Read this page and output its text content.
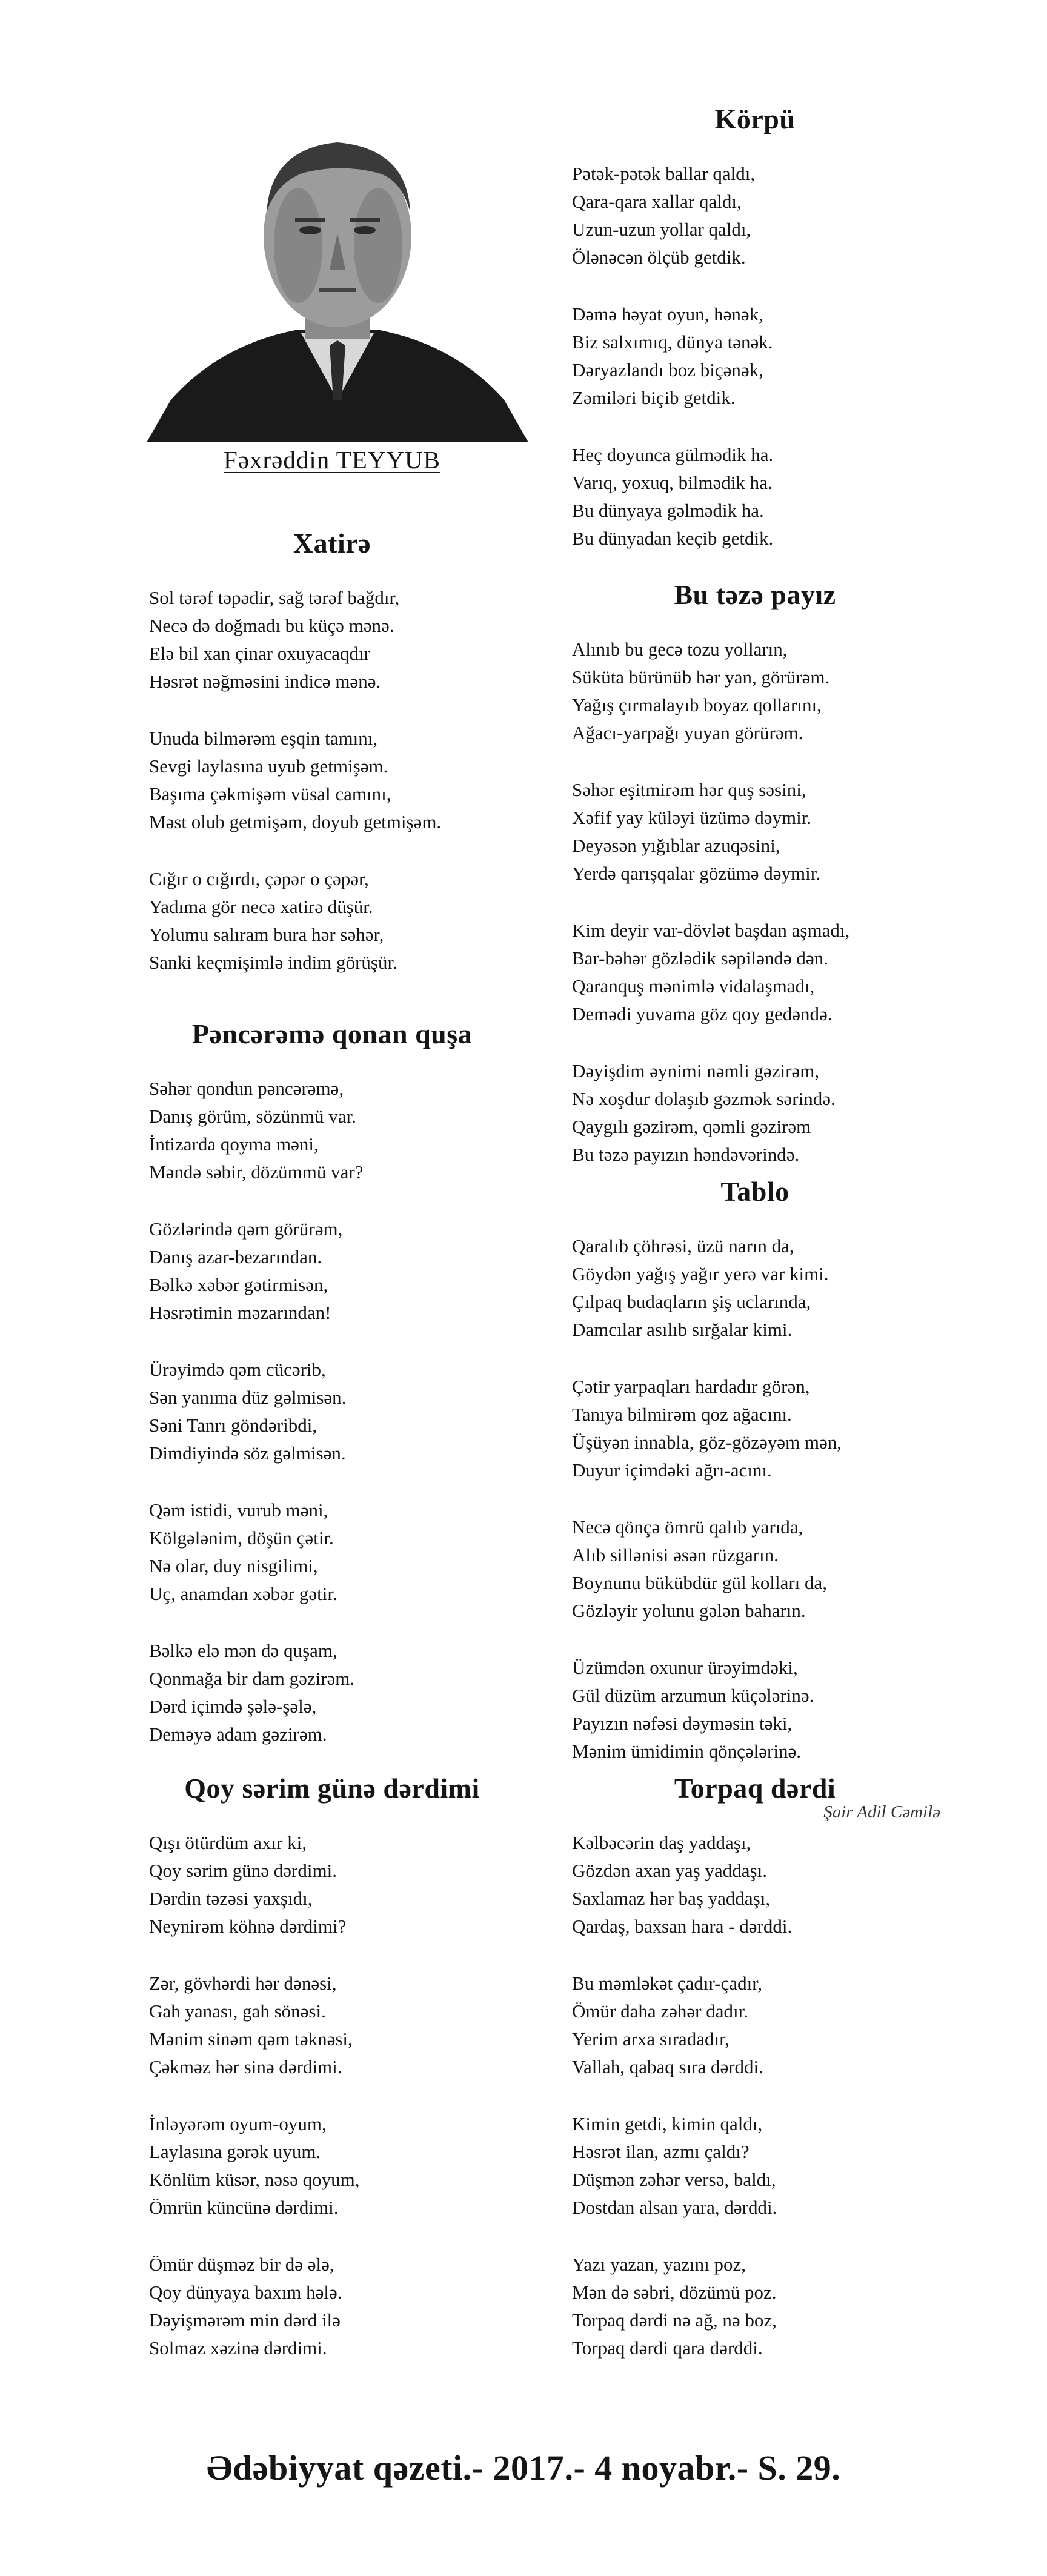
Fəxrəddin TEYYUB
Xatirə
Sol tərəf təpədir, sağ tərəf bağdır,
Necə də doğmadı bu küçə mənə.
Elə bil xan çinar oxuyacaqdır
Həsrət nəğməsini indicə mənə.
Unuda bilmərəm eşqin tamını,
Sevgi laylasına uyub getmişəm.
Başıma çəkmişəm vüsal camını,
Məst olub getmişəm, doyub getmişəm.
Cığır o cığırdı, çəpər o çəpər,
Yadıma gör necə xatirə düşür.
Yolumu salıram bura hər səhər,
Sanki keçmişimlə indim görüşür.
Pəncərəmə qonan quşa
Səhər qondun pəncərəmə,
Danış görüm, sözünmü var.
İntizarda qoyma məni,
Məndə səbir, dözümmü var?
Gözlərində qəm görürəm,
Danış azar-bezarından.
Bəlkə xəbər gətirmisən,
Həsrətimin məzarından!
Ürəyimdə qəm cücərib,
Sən yanıma düz gəlmisən.
Səni Tanrı göndəribdi,
Dimdiyində söz gəlmisən.
Qəm istidi, vurub məni,
Kölgələnim, döşün çətir.
Nə olar, duy nisgilimi,
Uç, anamdan xəbər gətir.
Bəlkə elə mən də quşam,
Qonmağa bir dam gəzirəm.
Dərd içimdə şələ-şələ,
Deməyə adam gəzirəm.
Qoy sərim günə dərdimi
Qışı ötürdüm axır ki,
Qoy sərim günə dərdimi.
Dərdin təzəsi yaxşıdı,
Neynirəm köhnə dərdimi?
Zər, gövhərdi hər dənəsi,
Gah yanası, gah sönəsi.
Mənim sinəm qəm təknəsi,
Çəkməz hər sinə dərdimi.
İnləyərəm oyum-oyum,
Laylasına gərək uyum.
Könlüm küsər, nəsə qoyum,
Ömrün küncünə dərdimi.
Ömür düşməz bir də ələ,
Qoy dünyaya baxım hələ.
Dəyişmərəm min dərd ilə
Solmaz xəzinə dərdimi.
Körpü
Pətək-pətək ballar qaldı,
Qara-qara xallar qaldı,
Uzun-uzun yollar qaldı,
Ölənəcən ölçüb getdik.
Dəmə həyat oyun, hənək,
Biz salxımıq, dünya tənək.
Dəryazlandı boz biçənək,
Zəmiləri biçib getdik.
Heç doyunca gülmədik ha.
Varıq, yoxuq, bilmədik ha.
Bu dünyaya gəlmədik ha.
Bu dünyadan keçib getdik.
Bu təzə payız
Alınıb bu gecə tozu yolların,
Süküta bürünüb hər yan, görürəm.
Yağış çırmalayıb boyaz qollarını,
Ağacı-yarpağı yuyan görürəm.
Səhər eşitmirəm hər quş səsini,
Xəfif yay küləyi üzümə dəymir.
Deyəsən yığıblar azuqəsini,
Yerdə qarışqalar gözümə dəymir.
Kim deyir var-dövlət başdan aşmadı,
Bar-bəhər gözlədik səpiləndə dən.
Qaranquş mənimlə vidalaşmadı,
Demədi yuvama göz qoy gedəndə.
Dəyişdim əynimi nəmli gəzirəm,
Nə xoşdur dolaşıb gəzmək sərində.
Qaygılı gəzirəm, qəmli gəzirəm
Bu təzə payızın həndəvərində.
Tablo
Qaralıb çöhrəsi, üzü narın da,
Göydən yağış yağır yerə var kimi.
Çılpaq budaqların şiş uclarında,
Damcılar asılıb sırğalar kimi.
Çətir yarpaqları hardadır görən,
Tanıya bilmirəm qoz ağacını.
Üşüyən innabla, göz-gözəyəm mən,
Duyur içimdəki ağrı-acını.
Necə qönçə ömrü qalıb yarıda,
Alıb sillənisi əsən rüzgarın.
Boynunu bükübdür gül kolları da,
Gözləyir yolunu gələn baharın.
Üzümdən oxunur ürəyimdəki,
Gül düzüm arzumun küçələrinə.
Payızın nəfəsi dəyməsin təki,
Mənim ümidimin qönçələrinə.
Torpaq dərdi
Şair Adil Cəmilə
Kəlbəcərin daş yaddaşı,
Gözdən axan yaş yaddaşı.
Saxlamaz hər baş yaddaşı,
Qardaş, baxsan hara - dərddi.
Bu məmləkət çadır-çadır,
Ömür daha zəhər dadır.
Yerim arxa sıradadır,
Vallah, qabaq sıra dərddi.
Kimin getdi, kimin qaldı,
Həsrət ilan, azmı çaldı?
Düşmən zəhər versə, baldı,
Dostdan alsan yara, dərddi.
Yazı yazan, yazını poz,
Mən də səbri, dözümü poz.
Torpaq dərdi nə ağ, nə boz,
Torpaq dərdi qara dərddi.
Ədəbiyyat qəzeti.- 2017.- 4 noyabr.- S. 29.
